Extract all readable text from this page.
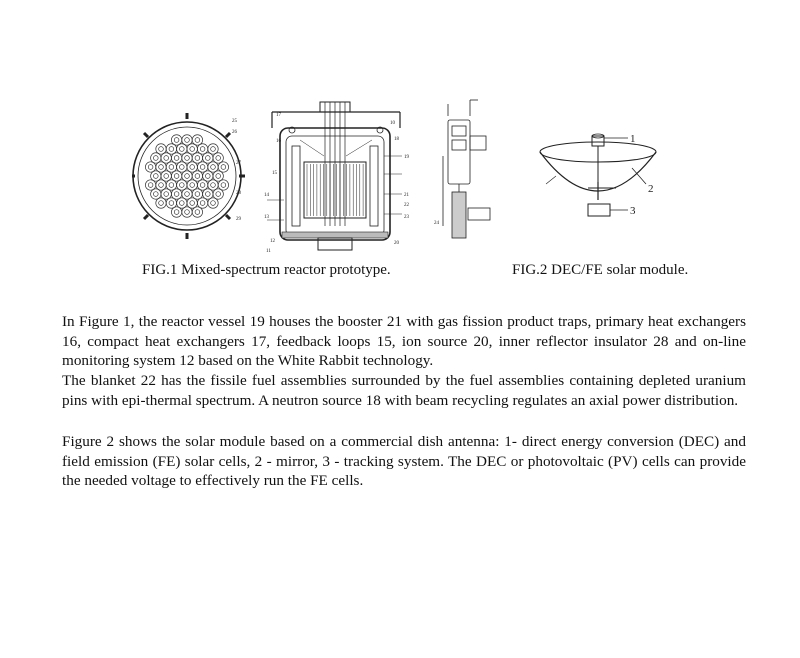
25
26
27
28
29
17
16
15
14
13
12
11
10
18
19
21
22
23
20
24
1
2
3
FIG.1 Mixed-spectrum reactor prototype.	FIG.2 DEC/FE solar module.

In Figure 1, the reactor vessel 19 houses the booster 21 with gas fission product traps, primary heat exchangers 16, compact heat exchangers 17, feedback loops 15, ion source 20, inner reflector insulator 28 and on-line monitoring system 12 based on the White Rabbit technology.

The blanket 22 has the fissile fuel assemblies surrounded by the fuel assemblies containing depleted uranium pins with epi-thermal spectrum. A neutron source 18 with beam recycling regulates an axial power distribution.

Figure 2 shows the solar module based on a commercial dish antenna: 1- direct energy conversion (DEC) and field emission (FE) solar cells, 2 - mirror, 3 - tracking system. The DEC or photovoltaic (PV) cells can provide the needed voltage to effectively run the FE cells.
